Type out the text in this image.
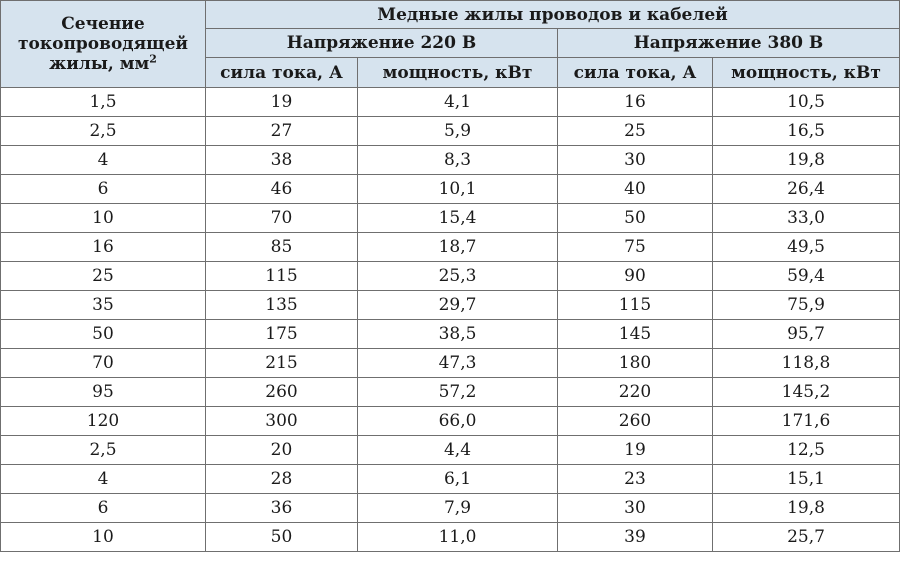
Сечение токопроводящей жилы, $мм^2$	Медные жилы проводов и кабелей			
	Напряжение 220 В		Напряжение 380 В	
	сила тока, А	мощность, кВт	сила тока, А	мощность, кВт
1,5	19	4,1	16	10,5
2,5	27	5,9	25	16,5
4	38	8,3	30	19,8
6	46	10,1	40	26,4
10	70	15,4	50	33,0
16	85	18,7	75	49,5
25	115	25,3	90	59,4
35	135	29,7	115	75,9
50	175	38,5	145	95,7
70	215	47,3	180	118,8
95	260	57,2	220	145,2
120	300	66,0	260	171,6
2,5	20	4,4	19	12,5
4	28	6,1	23	15,1
6	36	7,9	30	19,8
10	50	11,0	39	25,7
